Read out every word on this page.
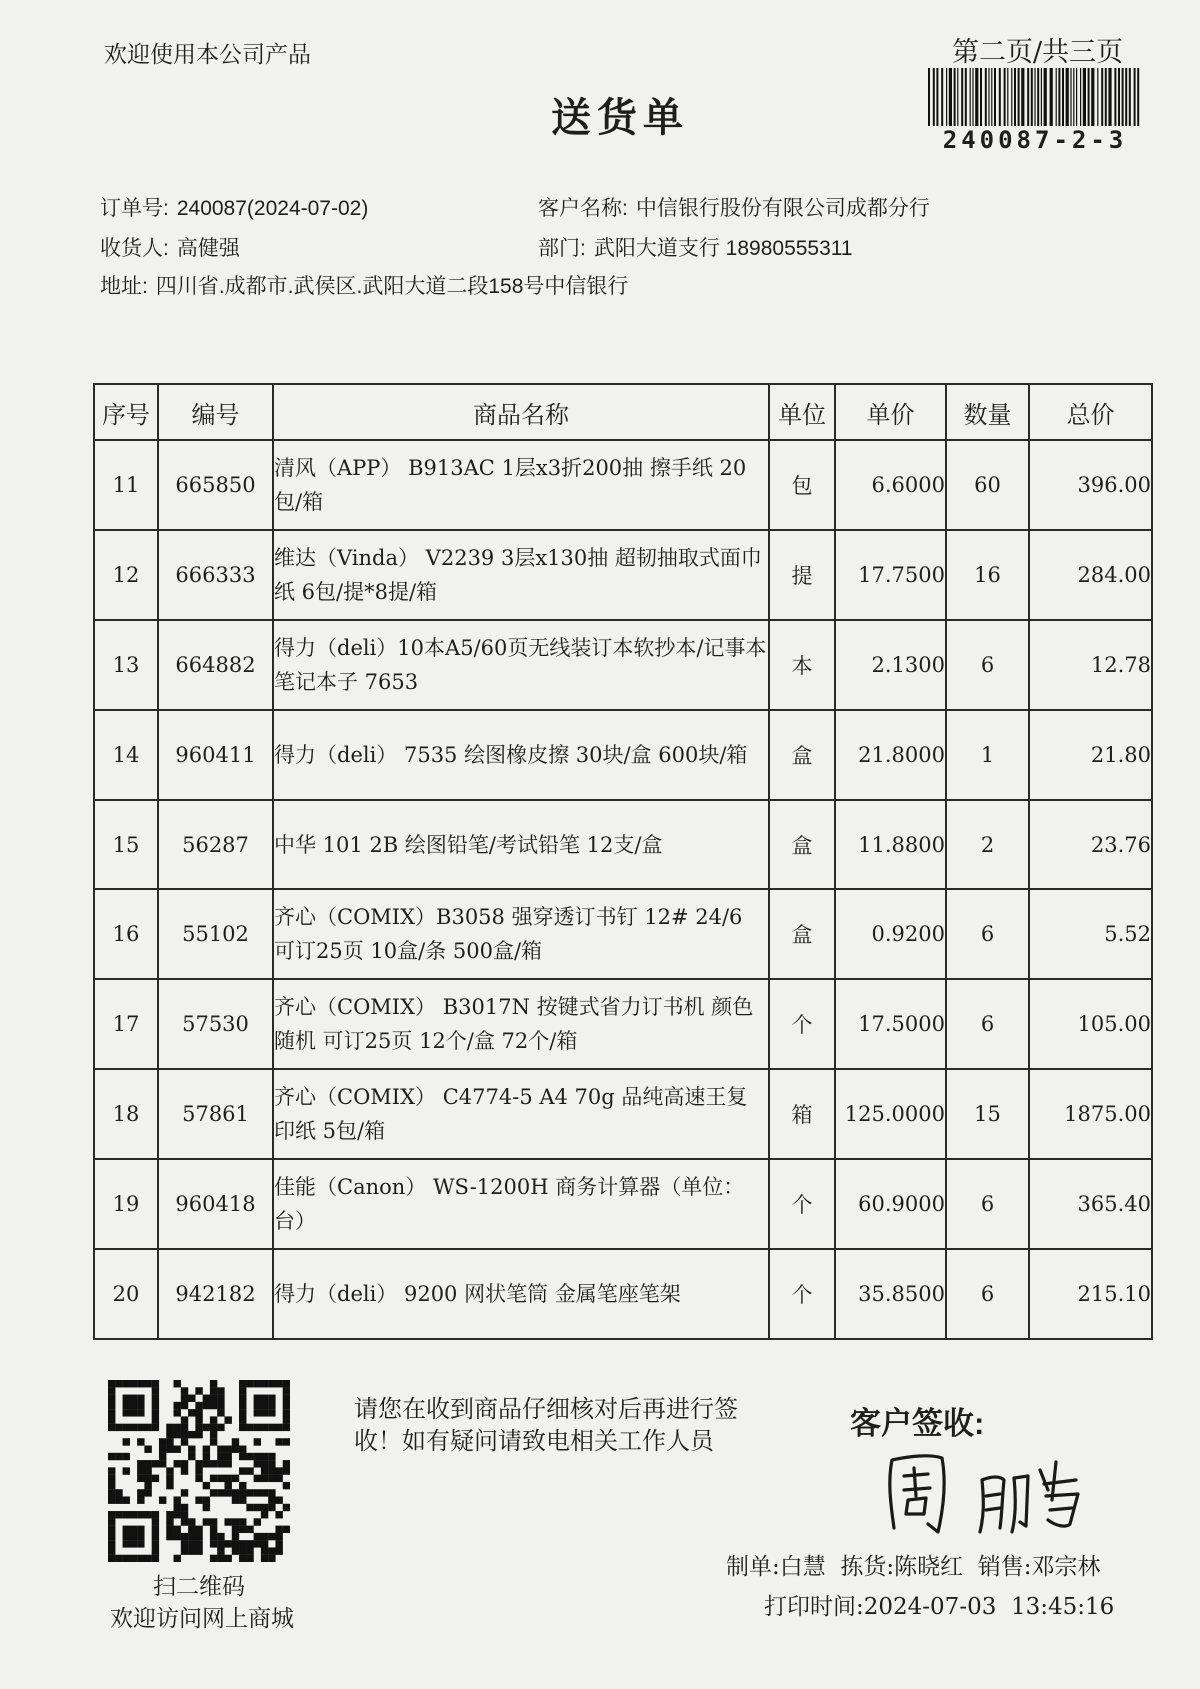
欢迎使用本公司产品	第二页/共三页
240087-2-3
送货单
订单号: 240087(2024-07-02)	客户名称: 中信银行股份有限公司成都分行
收货人: 高健强	部门: 武阳大道支行 18980555311
地址: 四川省.成都市.武侯区.武阳大道二段158号中信银行
序号	编号	商品名称	单位	单价	数量	总价
11	665850	清风（APP） B913AC 1层x3折200抽 擦手纸 20包/箱	包	6.6000	60	396.00
12	666333	维达（Vinda） V2239 3层x130抽 超韧抽取式面巾纸 6包/提*8提/箱	提	17.7500	16	284.00
13	664882	得力（deli）10本A5/60页无线装订本软抄本/记事本笔记本子 7653	本	2.1300	6	12.78
14	960411	得力（deli） 7535 绘图橡皮擦 30块/盒 600块/箱	盒	21.8000	1	21.80
15	56287	中华 101 2B 绘图铅笔/考试铅笔 12支/盒	盒	11.8800	2	23.76
16	55102	齐心（COMIX）B3058 强穿透订书钉 12# 24/6 可订25页 10盒/条 500盒/箱	盒	0.9200	6	5.52
17	57530	齐心（COMIX） B3017N 按键式省力订书机 颜色随机 可订25页 12个/盒 72个/箱	个	17.5000	6	105.00
18	57861	齐心（COMIX） C4774-5 A4 70g 品纯高速王复印纸 5包/箱	箱	125.0000	15	1875.00
19	960418	佳能（Canon） WS-1200H 商务计算器（单位：台）	个	60.9000	6	365.40
20	942182	得力（deli） 9200 网状笔筒 金属笔座笔架	个	35.8500	6	215.10
扫二维码
欢迎访问网上商城
请您在收到商品仔细核对后再进行签收！如有疑问请致电相关工作人员
客户签收:
制单:白慧  拣货:陈晓红  销售:邓宗林
打印时间:2024-07-03  13:45:16
